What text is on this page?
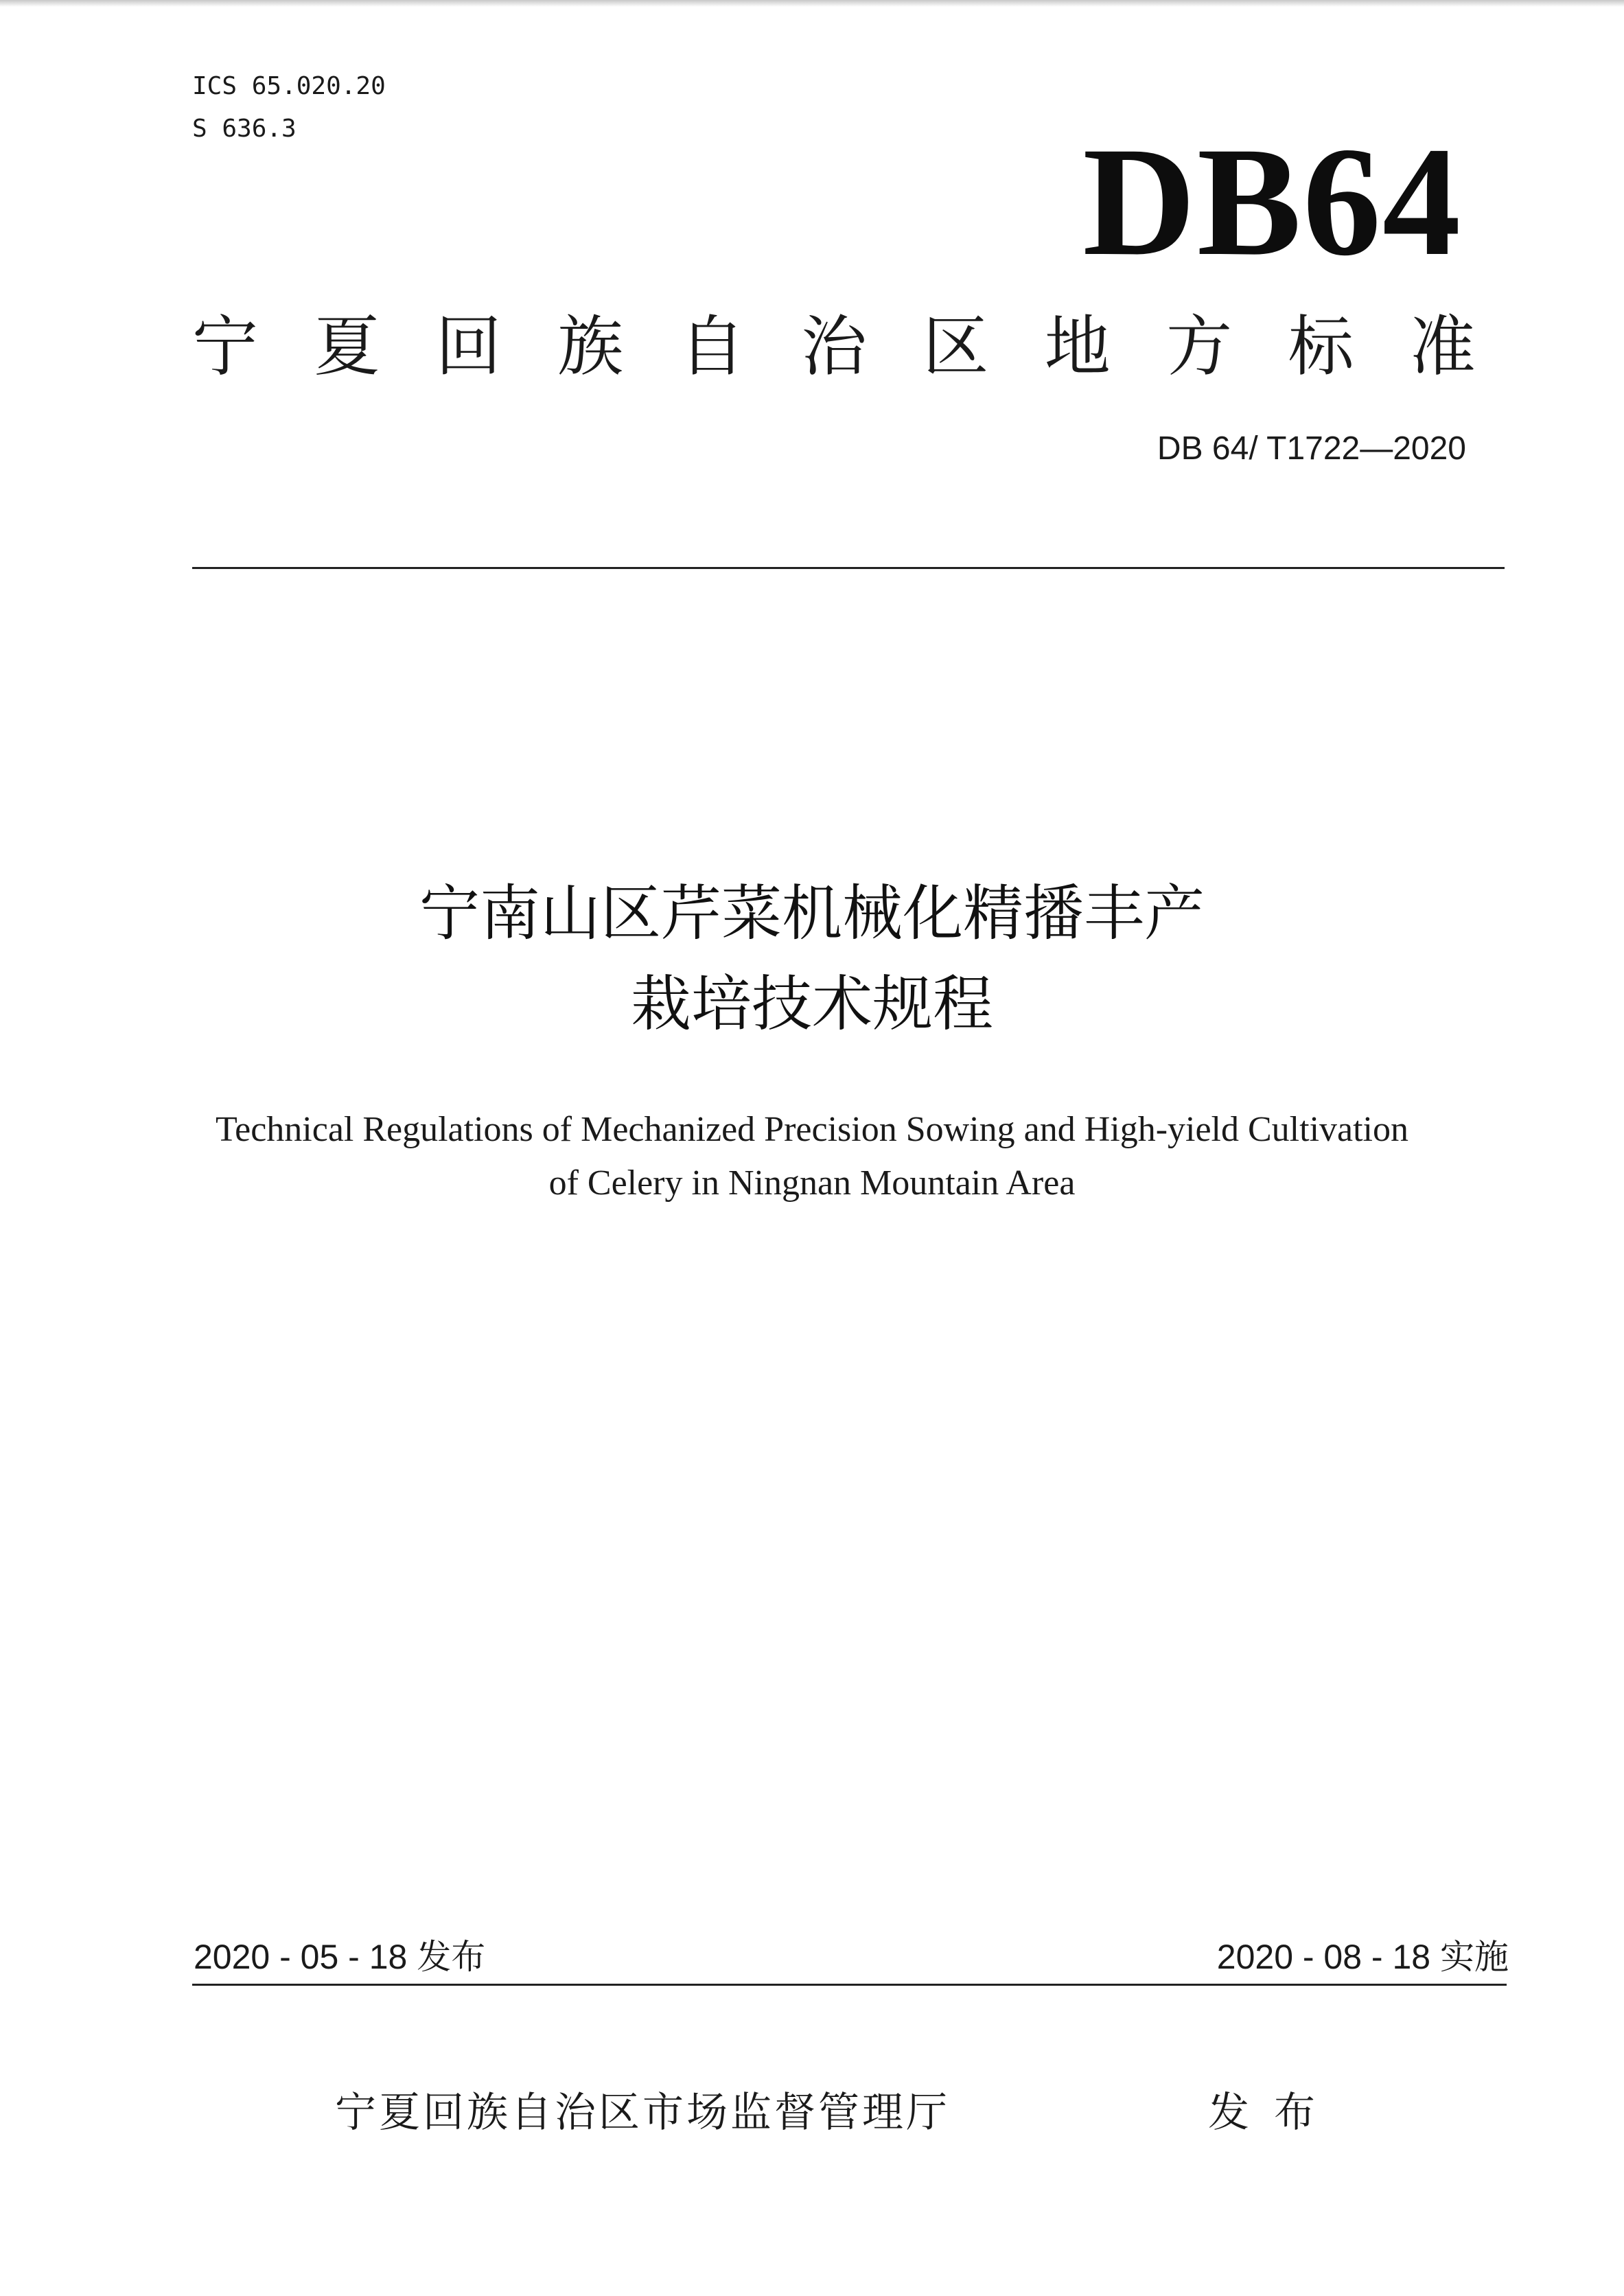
ICS 65.020.20
S 636.3	DB64
宁 夏 回 族 自 治 区 地 方 标 准
DB 64/ T1722—2020
宁南山区芹菜机械化精播丰产
栽培技术规程
Technical Regulations of Mechanized Precision Sowing and High-yield Cultivation
of Celery in Ningnan Mountain Area
2020 - 05 - 18 发布	2020 - 08 - 18 实施
宁夏回族自治区市场监督管理厅	发布
